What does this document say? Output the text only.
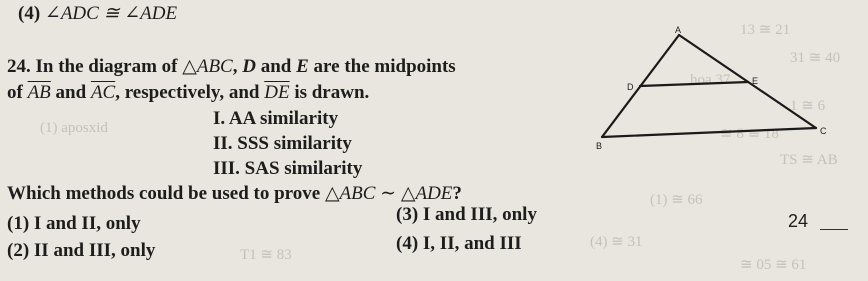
13 ≅ 21
31 ≅ 40
hoa 37
(1) aposxid
1 ≅ 6
≅ 8 ≅ 18
TS ≅ AB
(1) ≅ 66
(4) ≅ 31
T1 ≅ 83
≅ 05 ≅ 61
(4) ∠ADC ≅ ∠ADE
24. In the diagram of △ABC, D and E are the midpoints
of $\overline{AB}$ and $\overline{AC}$, respectively, and $\overline{DE}$ is drawn.
I. AA similarity
II. SSS similarity
III. SAS similarity
Which methods could be used to prove △ABC ∼ △ADE?
(1) I and II, only
(2) II and III, only
(3) I and III, only
(4) I, II, and III
24
A
B
C
D
E
